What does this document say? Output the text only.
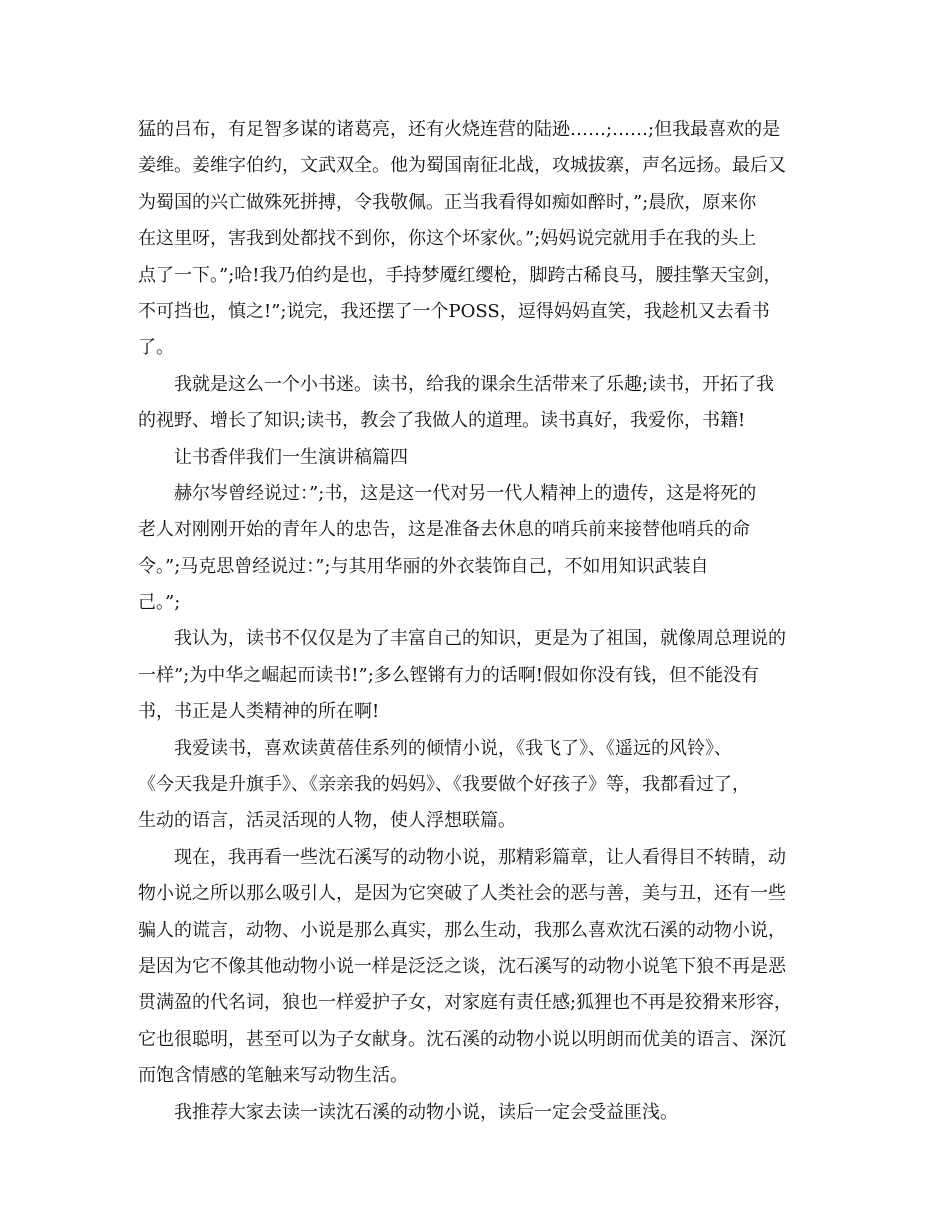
猛的吕布，有足智多谋的诸葛亮，还有火烧连营的陆逊……;……;但我最喜欢的是
姜维。姜维字伯约，文武双全。他为蜀国南征北战，攻城拔寨，声名远扬。最后又
为蜀国的兴亡做殊死拼搏，令我敬佩。正当我看得如痴如醉时，”;晨欣，原来你
在这里呀，害我到处都找不到你，你这个坏家伙。”;妈妈说完就用手在我的头上
点了一下。”;哈!我乃伯约是也，手持梦魇红缨枪，脚跨古稀良马，腰挂擎天宝剑，
不可挡也，慎之!”;说完，我还摆了一个POSS，逗得妈妈直笑，我趁机又去看书
了。
我就是这么一个小书迷。读书，给我的课余生活带来了乐趣;读书，开拓了我
的视野、增长了知识;读书，教会了我做人的道理。读书真好，我爱你，书籍!
让书香伴我们一生演讲稿篇四
赫尔岑曾经说过：”;书，这是这一代对另一代人精神上的遗传，这是将死的
老人对刚刚开始的青年人的忠告，这是准备去休息的哨兵前来接替他哨兵的命
令。”;马克思曾经说过：”;与其用华丽的外衣装饰自己，不如用知识武装自
己。”;
我认为，读书不仅仅是为了丰富自己的知识，更是为了祖国，就像周总理说的
一样”;为中华之崛起而读书!”;多么铿锵有力的话啊!假如你没有钱，但不能没有
书，书正是人类精神的所在啊!
我爱读书，喜欢读黄蓓佳系列的倾情小说，《我飞了》、《遥远的风铃》、
《今天我是升旗手》、《亲亲我的妈妈》、《我要做个好孩子》等，我都看过了，
生动的语言，活灵活现的人物，使人浮想联篇。
现在，我再看一些沈石溪写的动物小说，那精彩篇章，让人看得目不转睛，动
物小说之所以那么吸引人，是因为它突破了人类社会的恶与善，美与丑，还有一些
骗人的谎言，动物、小说是那么真实，那么生动，我那么喜欢沈石溪的动物小说，
是因为它不像其他动物小说一样是泛泛之谈，沈石溪写的动物小说笔下狼不再是恶
贯满盈的代名词，狼也一样爱护子女，对家庭有责任感;狐狸也不再是狡猾来形容，
它也很聪明，甚至可以为子女献身。沈石溪的动物小说以明朗而优美的语言、深沉
而饱含情感的笔触来写动物生活。
我推荐大家去读一读沈石溪的动物小说，读后一定会受益匪浅。
